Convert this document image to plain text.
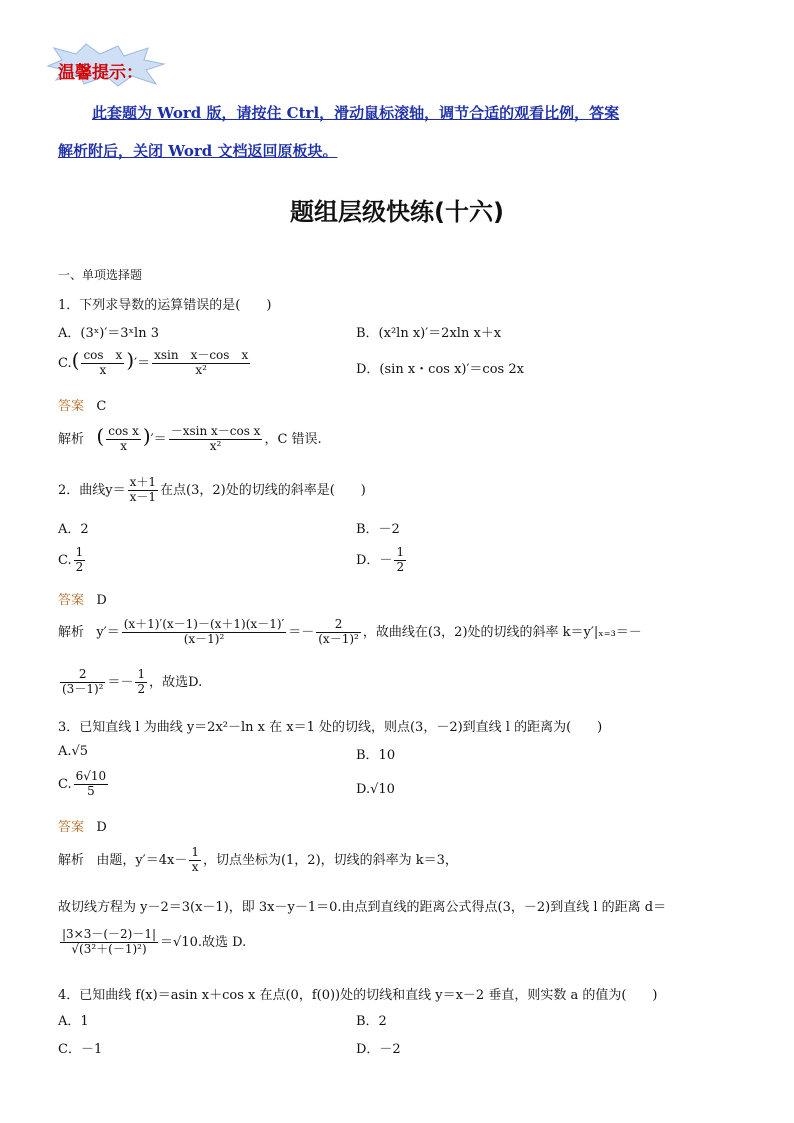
温馨提示：
此套题为 Word 版，请按住 Ctrl，滑动鼠标滚轴，调节合适的观看比例，答案
解析附后，关闭 Word 文档返回原板块。
题组层级快练(十六)
一、单项选择题
1．下列求导数的运算错误的是(　　)
A．(3ˣ)′＝3ˣln 3	B．(x²ln x)′＝2xln x＋x
$C.( \frac{\text{cos　x}}{x}$ )′＝ $\frac{\text{xsin　x－cos　x}}{\text{x²}}$	D．(sin x・cos x)′＝cos 2x
答案 C
解析 ( $\frac{\text{cos x}}{x}$ )′＝ $\frac{\text{－xsin x－cos x}}{\text{x²}}$ ，C 错误.
2．曲线$y= \frac{x+1}{x-1}$ 在点(3，2)处的切线的斜率是(　　)
A．2	B．－2
C. $\frac{1}{2}$	D．－ $\frac{1}{2}$
答案 D
解析 $y'= \frac{(x+1)'(x-1)-(x+1)(x-1)'}{\text{(x－1)²}} =- \frac{2}{\text{(x－1)²}}$ ，故曲线在(3，2)处的切线的斜率 k＝y′|ₓ₌₃＝－
$\frac{2}{\text{(3－1)²}} =- \frac{1}{2}$ ，故选D.
3．已知直线 l 为曲线 y＝2x²－ln x 在 x＝1 处的切线，则点(3，－2)到直线 l 的距离为(　　)
A.√5	B．10
C. $\frac{6√10}{5}$	D.√10
答案 D
解析 由题，$y'=4x- \frac{1}{x}$ ，切点坐标为(1，2)，切线的斜率为 k＝3，
故切线方程为 y－2＝3(x－1)，即 3x－y－1＝0.由点到直线的距离公式得点(3，－2)到直线 l 的距离 d＝
$\frac{|3\times 3-(-2)-1|}{\text{√(3²＋(－1)²)}} =√10$.故选 D.
4．已知曲线 f(x)＝asin x＋cos x 在点(0，f(0))处的切线和直线 y＝x－2 垂直，则实数 a 的值为(　　)
A．1	B．2
C．－1	D．－2
